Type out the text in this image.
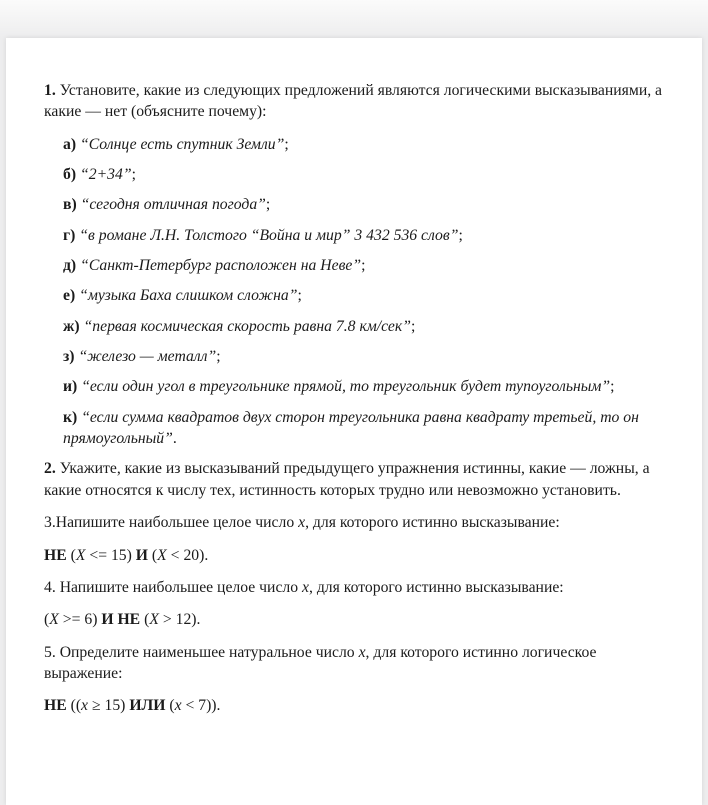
1. Установите, какие из следующих предложений являются логическими высказываниями, а какие — нет (объясните почему):
а) “Солнце есть спутник Земли”;
б) “2+34”;
в) “сегодня отличная погода”;
г) “в романе Л.Н. Толстого “Война и мир” 3 432 536 слов”;
д) “Санкт-Петербург расположен на Неве”;
е) “музыка Баха слишком сложна”;
ж) “первая космическая скорость равна 7.8 км/сек”;
з) “железо — металл”;
и) “если один угол в треугольнике прямой, то треугольник будет тупоугольным”;
к) “если сумма квадратов двух сторон треугольника равна квадрату третьей, то он прямоугольный”.
2. Укажите, какие из высказываний предыдущего упражнения истинны, какие — ложны, а какие относятся к числу тех, истинность которых трудно или невозможно установить.
3.Напишите наибольшее целое число x, для которого истинно высказывание:
НЕ (X <= 15) И (X < 20).
4. Напишите наибольшее целое число x, для которого истинно высказывание:
(X >= 6) И НЕ (X > 12).
5. Определите наименьшее натуральное число x, для которого истинно логическое выражение:
НЕ ((x ≥ 15) ИЛИ (x < 7)).
